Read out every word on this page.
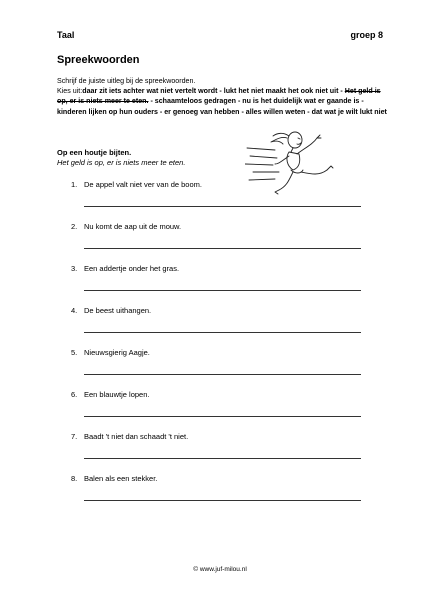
Taal	groep 8
Spreekwoorden
Schrijf de juiste uitleg bij de spreekwoorden.
Kies uit:daar zit iets achter wat niet vertelt wordt - lukt het niet maakt het ook niet uit - Het geld is op, er is niets meer te eten. - schaamteloos gedragen - nu is het duidelijk wat er gaande is - kinderen lijken op hun ouders - er genoeg van hebben - alles willen weten - dat wat je wilt lukt niet
Op een houtje bijten.
Het geld is op, er is niets meer te eten.
1. De appel valt niet ver van de boom.
2. Nu komt de aap uit de mouw.
3. Een addertje onder het gras.
4. De beest uithangen.
5. Nieuwsgierig Aagje.
6. Een blauwtje lopen.
7. Baadt 't niet dan schaadt 't niet.
8. Balen als een stekker.
© www.juf-milou.nl
